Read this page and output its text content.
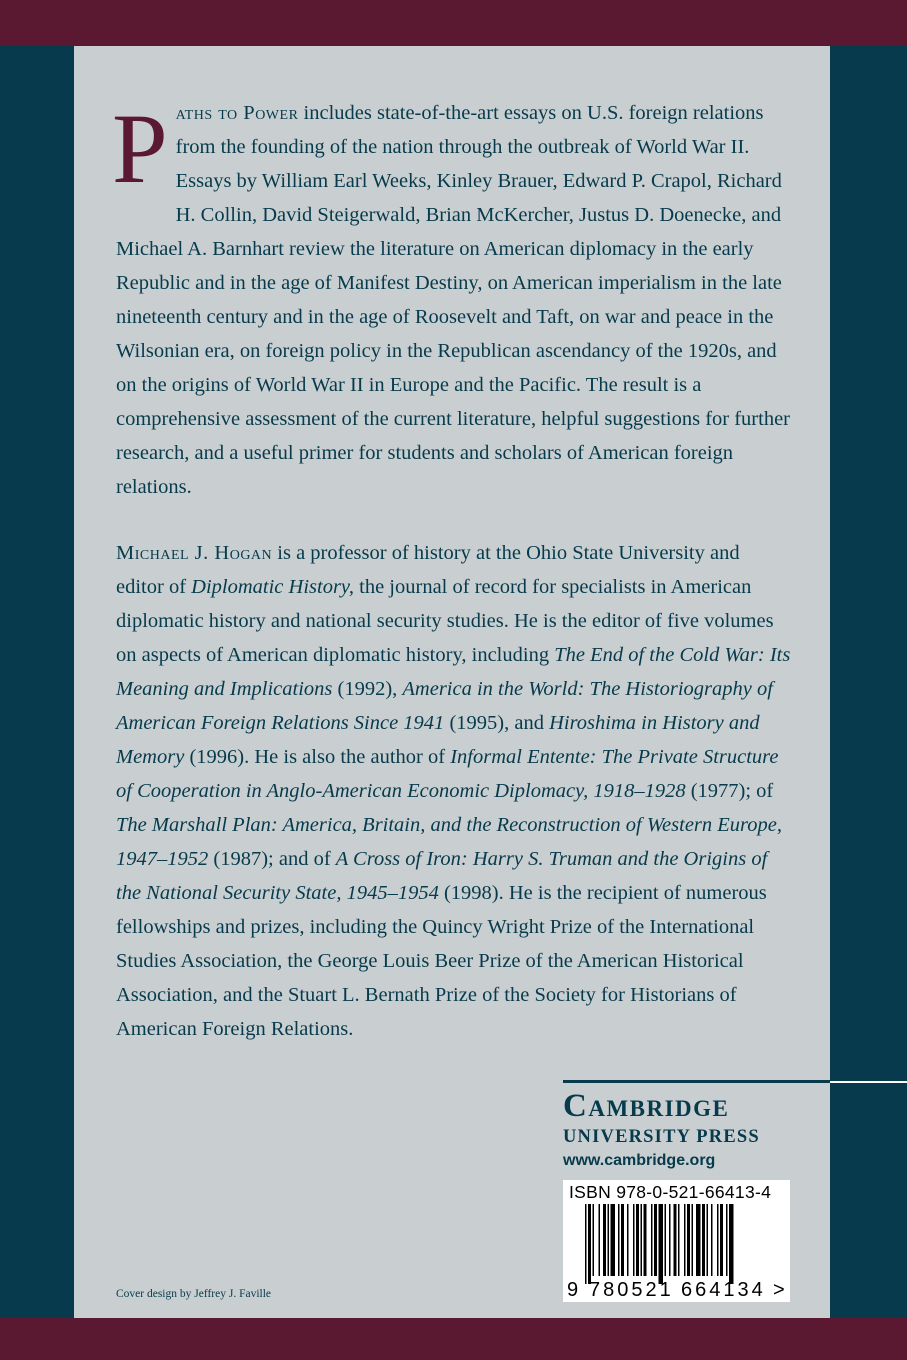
Paths to Power includes state-of-the-art essays on U.S. foreign relations from the founding of the nation through the outbreak of World War II. Essays by William Earl Weeks, Kinley Brauer, Edward P. Crapol, Richard H. Collin, David Steigerwald, Brian McKercher, Justus D. Doenecke, and Michael A. Barnhart review the literature on American diplomacy in the early Republic and in the age of Manifest Destiny, on American imperialism in the late nineteenth century and in the age of Roosevelt and Taft, on war and peace in the Wilsonian era, on foreign policy in the Republican ascendancy of the 1920s, and on the origins of World War II in Europe and the Pacific. The result is a comprehensive assessment of the current literature, helpful suggestions for further research, and a useful primer for students and scholars of American foreign relations.

Michael J. Hogan is a professor of history at the Ohio State University and editor of Diplomatic History, the journal of record for specialists in American diplomatic history and national security studies. He is the editor of five volumes on aspects of American diplomatic history, including The End of the Cold War: Its Meaning and Implications (1992), America in the World: The Historiography of American Foreign Relations Since 1941 (1995), and Hiroshima in History and Memory (1996). He is also the author of Informal Entente: The Private Structure of Cooperation in Anglo-American Economic Diplomacy, 1918–1928 (1977); of The Marshall Plan: America, Britain, and the Reconstruction of Western Europe, 1947–1952 (1987); and of A Cross of Iron: Harry S. Truman and the Origins of the National Security State, 1945–1954 (1998). He is the recipient of numerous fellowships and prizes, including the Quincy Wright Prize of the International Studies Association, the George Louis Beer Prize of the American Historical Association, and the Stuart L. Bernath Prize of the Society for Historians of American Foreign Relations.

Cambridge
UNIVERSITY PRESS
www.cambridge.org
ISBN 978-0-521-66413-4
9 780521 664134 >
Cover design by Jeffrey J. Faville
